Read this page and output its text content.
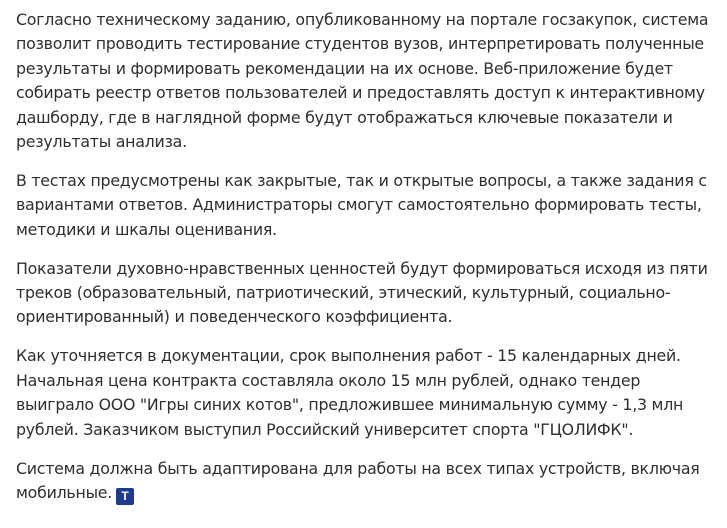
Согласно техническому заданию, опубликованному на портале госзакупок, система позволит проводить тестирование студентов вузов, интерпретировать полученные результаты и формировать рекомендации на их основе. Веб-приложение будет собирать реестр ответов пользователей и предоставлять доступ к интерактивному дашборду, где в наглядной форме будут отображаться ключевые показатели и результаты анализа.

В тестах предусмотрены как закрытые, так и открытые вопросы, а также задания с вариантами ответов. Администраторы смогут самостоятельно формировать тесты, методики и шкалы оценивания.

Показатели духовно-нравственных ценностей будут формироваться исходя из пяти треков (образовательный, патриотический, этический, культурный, социально-ориентированный) и поведенческого коэффициента.

Как уточняется в документации, срок выполнения работ - 15 календарных дней. Начальная цена контракта составляла около 15 млн рублей, однако тендер выиграло ООО "Игры синих котов", предложившее минимальную сумму - 1,3 млн рублей. Заказчиком выступил Российский университет спорта "ГЦОЛИФК".

Система должна быть адаптирована для работы на всех типах устройств, включая мобильные. T
